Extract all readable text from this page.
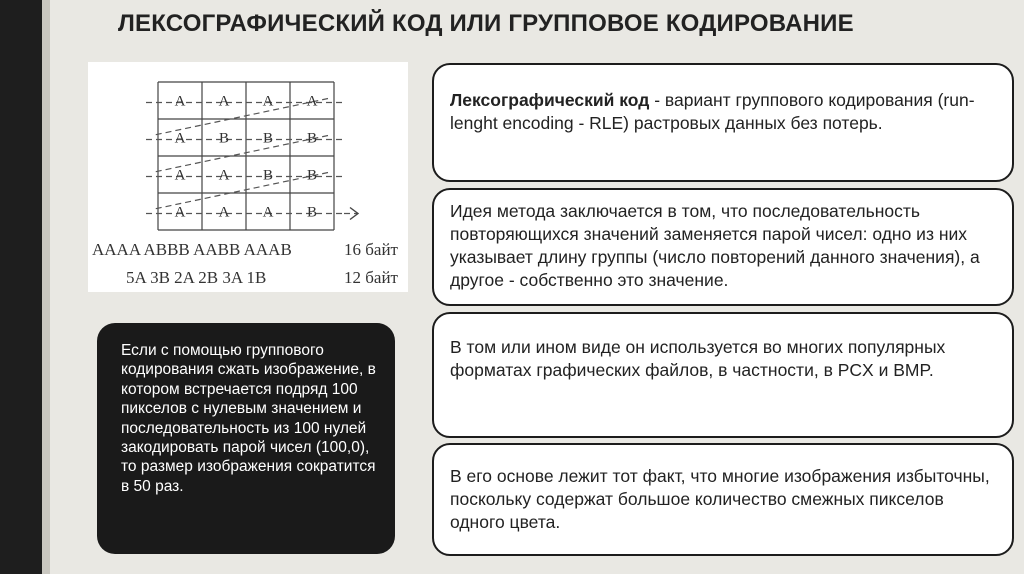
ЛЕКСОГРАФИЧЕСКИЙ КОД ИЛИ ГРУППОВОЕ КОДИРОВАНИЕ
A A A A
A B B B
A A B B
A A A B
AAAA ABBB AABB AAAB	16 байт
5A 3B 2A 2B 3A 1B	12 байт
Если с помощью группового кодирования сжать изображение, в котором встречается подряд 100 пикселов с нулевым значением и последовательность из 100 нулей закодировать парой чисел (100,0), то размер изображения сократится в 50 раз.
Лексографический код - вариант группового кодирования (run-lenght encoding - RLE) растровых данных без потерь.
Идея метода заключается в том, что последовательность повторяющихся значений заменяется парой чисел: одно из них указывает длину группы (число повторений данного значения), а другое - собственно это значение.
В том или ином виде он используется во многих популярных форматах графических файлов, в частности, в PCX и BMP.
В его основе лежит тот факт, что многие изображения избыточны, поскольку содержат большое количество смежных пикселов одного цвета.
